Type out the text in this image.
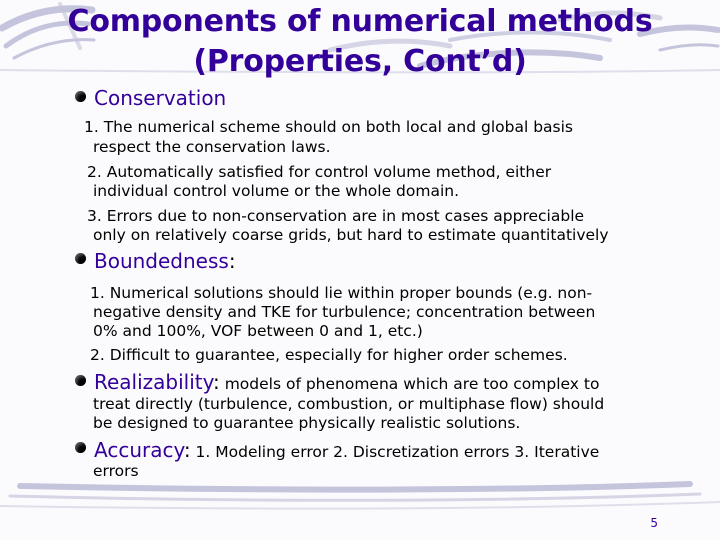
Components of numerical methods
(Properties, Cont’d)
Conservation
1. The numerical scheme should on both local and global basis
respect the conservation laws.
2. Automatically satisfied for control volume method, either
individual control volume or the whole domain.
3. Errors due to non-conservation are in most cases appreciable
only on relatively coarse grids, but hard to estimate quantitatively
Boundedness:
1. Numerical solutions should lie within proper bounds (e.g. non-
negative density and TKE for turbulence; concentration between
0% and 100%, VOF between 0 and 1, etc.)
2. Difficult to guarantee, especially for higher order schemes.
Realizability: models of phenomena which are too complex to
treat directly (turbulence, combustion, or multiphase flow) should
be designed to guarantee physically realistic solutions.
Accuracy: 1. Modeling error 2. Discretization errors 3. Iterative
errors
5
